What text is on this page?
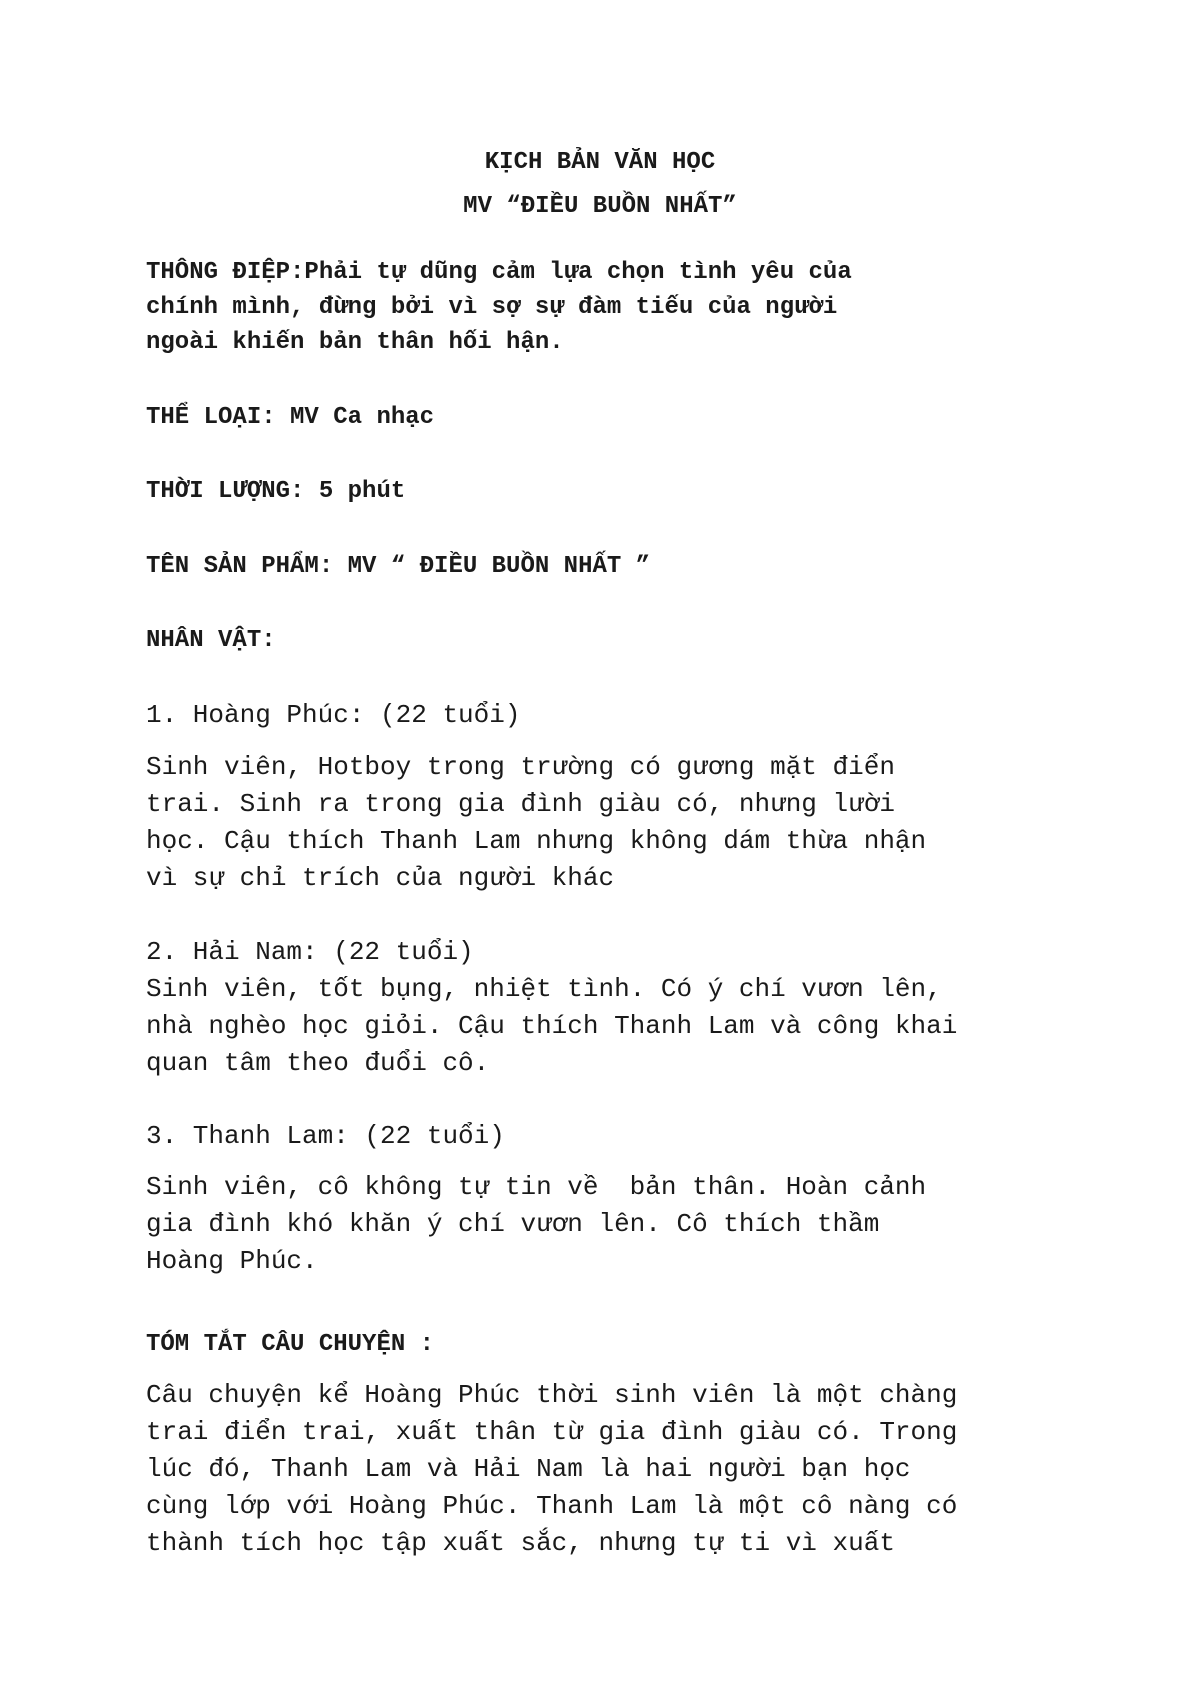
KỊCH BẢN VĂN HỌC

MV “ĐIỀU BUỒN NHẤT”

THÔNG ĐIỆP:Phải tự dũng cảm lựa chọn tình yêu của

chính mình, đừng bởi vì sợ sự đàm tiếu của người

ngoài khiến bản thân hối hận.

THỂ LOẠI: MV Ca nhạc

THỜI LƯỢNG: 5 phút

TÊN SẢN PHẨM: MV “ ĐIỀU BUỒN NHẤT ”

NHÂN VẬT:

1. Hoàng Phúc: (22 tuổi)

Sinh viên, Hotboy trong trường có gương mặt điển

trai. Sinh ra trong gia đình giàu có, nhưng lười

học. Cậu thích Thanh Lam nhưng không dám thừa nhận

vì sự chỉ trích của người khác

2. Hải Nam: (22 tuổi)

Sinh viên, tốt bụng, nhiệt tình. Có ý chí vươn lên,

nhà nghèo học giỏi. Cậu thích Thanh Lam và công khai

quan tâm theo đuổi cô.

3. Thanh Lam: (22 tuổi)

Sinh viên, cô không tự tin về  bản thân. Hoàn cảnh

gia đình khó khăn ý chí vươn lên. Cô thích thầm

Hoàng Phúc.

TÓM TẮT CÂU CHUYỆN :

Câu chuyện kể Hoàng Phúc thời sinh viên là một chàng

trai điển trai, xuất thân từ gia đình giàu có. Trong

lúc đó, Thanh Lam và Hải Nam là hai người bạn học

cùng lớp với Hoàng Phúc. Thanh Lam là một cô nàng có

thành tích học tập xuất sắc, nhưng tự ti vì xuất
